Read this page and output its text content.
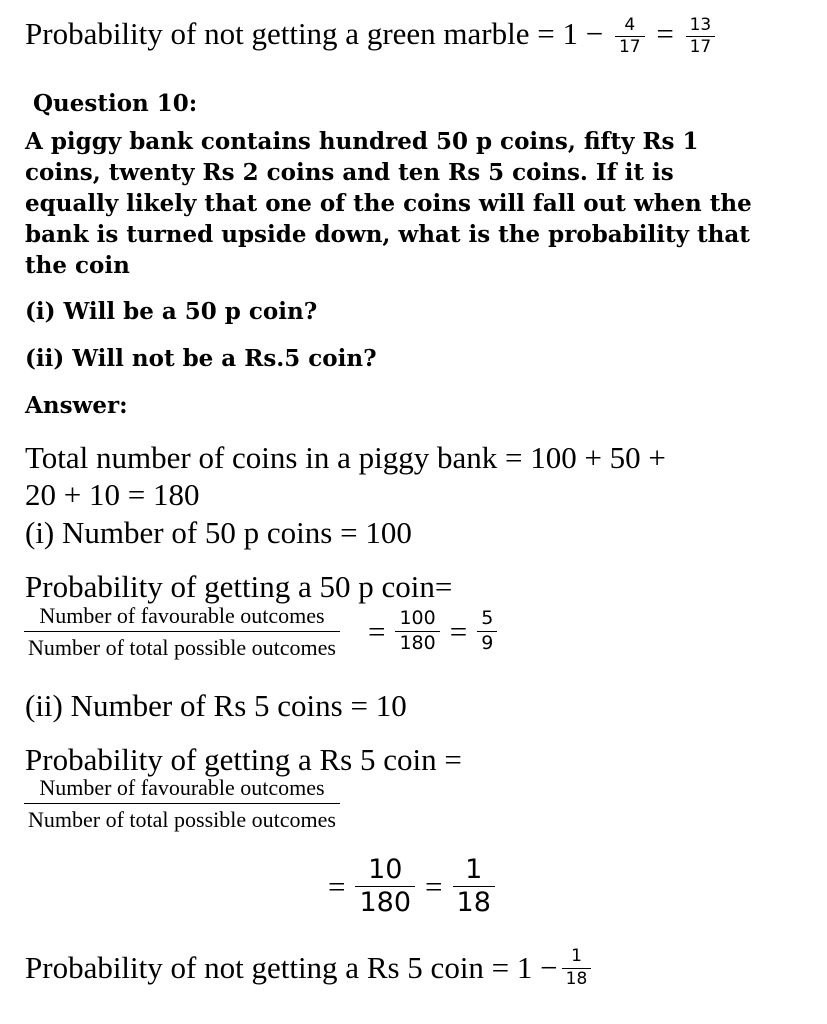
Probability of not getting a green marble = $1 - \frac{4}{17} = \frac{13}{17}$
Question 10:
A piggy bank contains hundred 50 p coins, fifty Rs 1
coins, twenty Rs 2 coins and ten Rs 5 coins. If it is
equally likely that one of the coins will fall out when the
bank is turned upside down, what is the probability that
the coin
(i) Will be a 50 p coin?
(ii) Will not be a Rs.5 coin?
Answer:
Total number of coins in a piggy bank = 100 + 50 +
20 + 10 = 180
(i) Number of 50 p coins = 100
Probability of getting a 50 p coin=
$\frac{\text{Number of favourable outcomes}}{\text{Number of total possible outcomes}} = \frac{100}{180} = \frac{5}{9}$
(ii) Number of Rs 5 coins = 10
Probability of getting a Rs 5 coin =
$\frac{\text{Number of favourable outcomes}}{\text{Number of total possible outcomes}}$
= $\frac{10}{180} = \frac{1}{18}$
Probability of not getting a Rs 5 coin = $1 - \frac{1}{18}$
